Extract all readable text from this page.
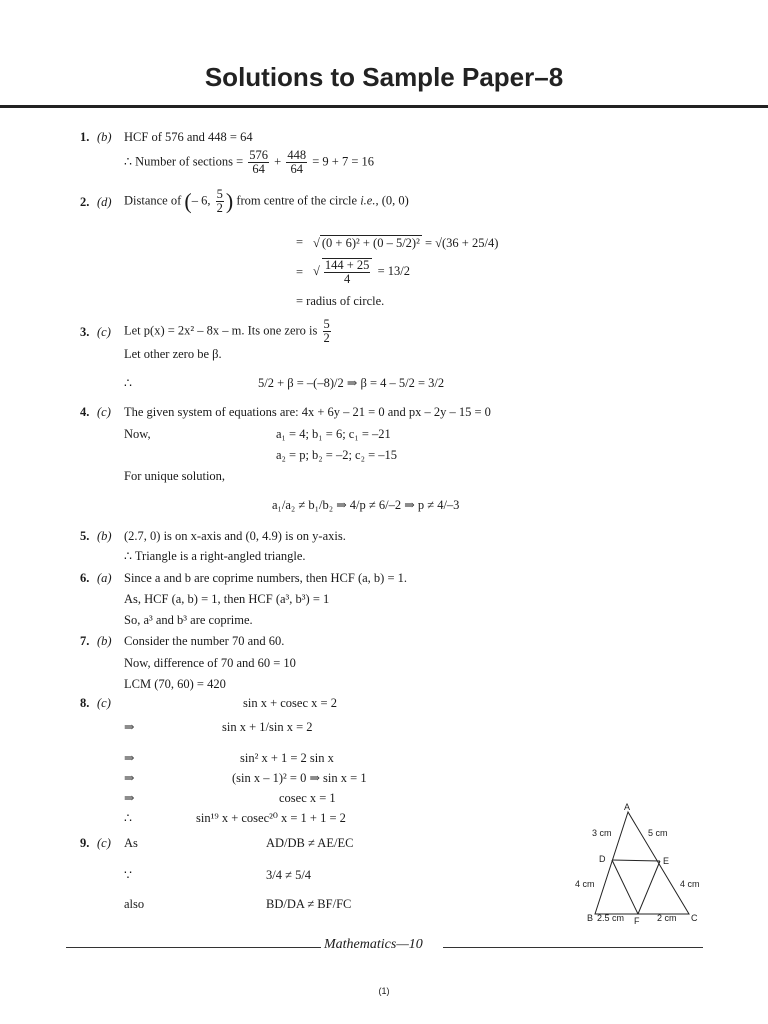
Solutions to Sample Paper–8
1. (b) HCF of 576 and 448 = 64
∴ Number of sections = $\frac{576}{64} + \frac{448}{64} = 9 + 7 = 16$
2. (d) Distance of (– 6, $\frac{5}{2}$ ) from centre of the circle i.e., (0, 0)
= √ (0 + 6)² + (0 – 5/2)² = √(36 + 25/4)
= √ $\frac{144 + 25}{4} = 13/2$
= radius of circle.
3. (c) Let p(x) = 2x² – 8x – m. Its one zero is $\frac{5}{2}$
Let other zero be β.
∴	5/2 + β = –(–8)/2 ⇒ β = 4 – 5/2 = 3/2
4. (c) The given system of equations are: 4x + 6y – 21 = 0 and px – 2y – 15 = 0
Now,	a₁ = 4; b₁ = 6; c₁ = –21
a₂ = p; b₂ = –2; c₂ = –15
For unique solution,
a₁/a₂ ≠ b₁/b₂ ⇒ 4/p ≠ 6/–2 ⇒ p ≠ 4/–3
5. (b) (2.7, 0) is on x-axis and (0, 4.9) is on y-axis.
∴ Triangle is a right-angled triangle.
6. (a) Since a and b are coprime numbers, then HCF (a, b) = 1.
As, HCF (a, b) = 1, then HCF (a³, b³) = 1
So, a³ and b³ are coprime.
7. (b) Consider the number 70 and 60.
Now, difference of 70 and 60 = 10
LCM (70, 60) = 420
8. (c)	sin x + cosec x = 2
⇒	sin x + 1/sin x = 2
⇒	sin² x + 1 = 2 sin x
⇒	(sin x – 1)² = 0 ⇒ sin x = 1
⇒	cosec x = 1
∴	sin¹⁹ x + cosec²⁰ x = 1 + 1 = 2
9. (c) As	AD/DB ≠ AE/EC
∵	3/4 ≠ 5/4
also	BD/DA ≠ BF/FC
A
B	C
D	E
F
3 cm	5 cm
4 cm	4 cm
2.5 cm	2 cm
Mathematics—10
(1)
